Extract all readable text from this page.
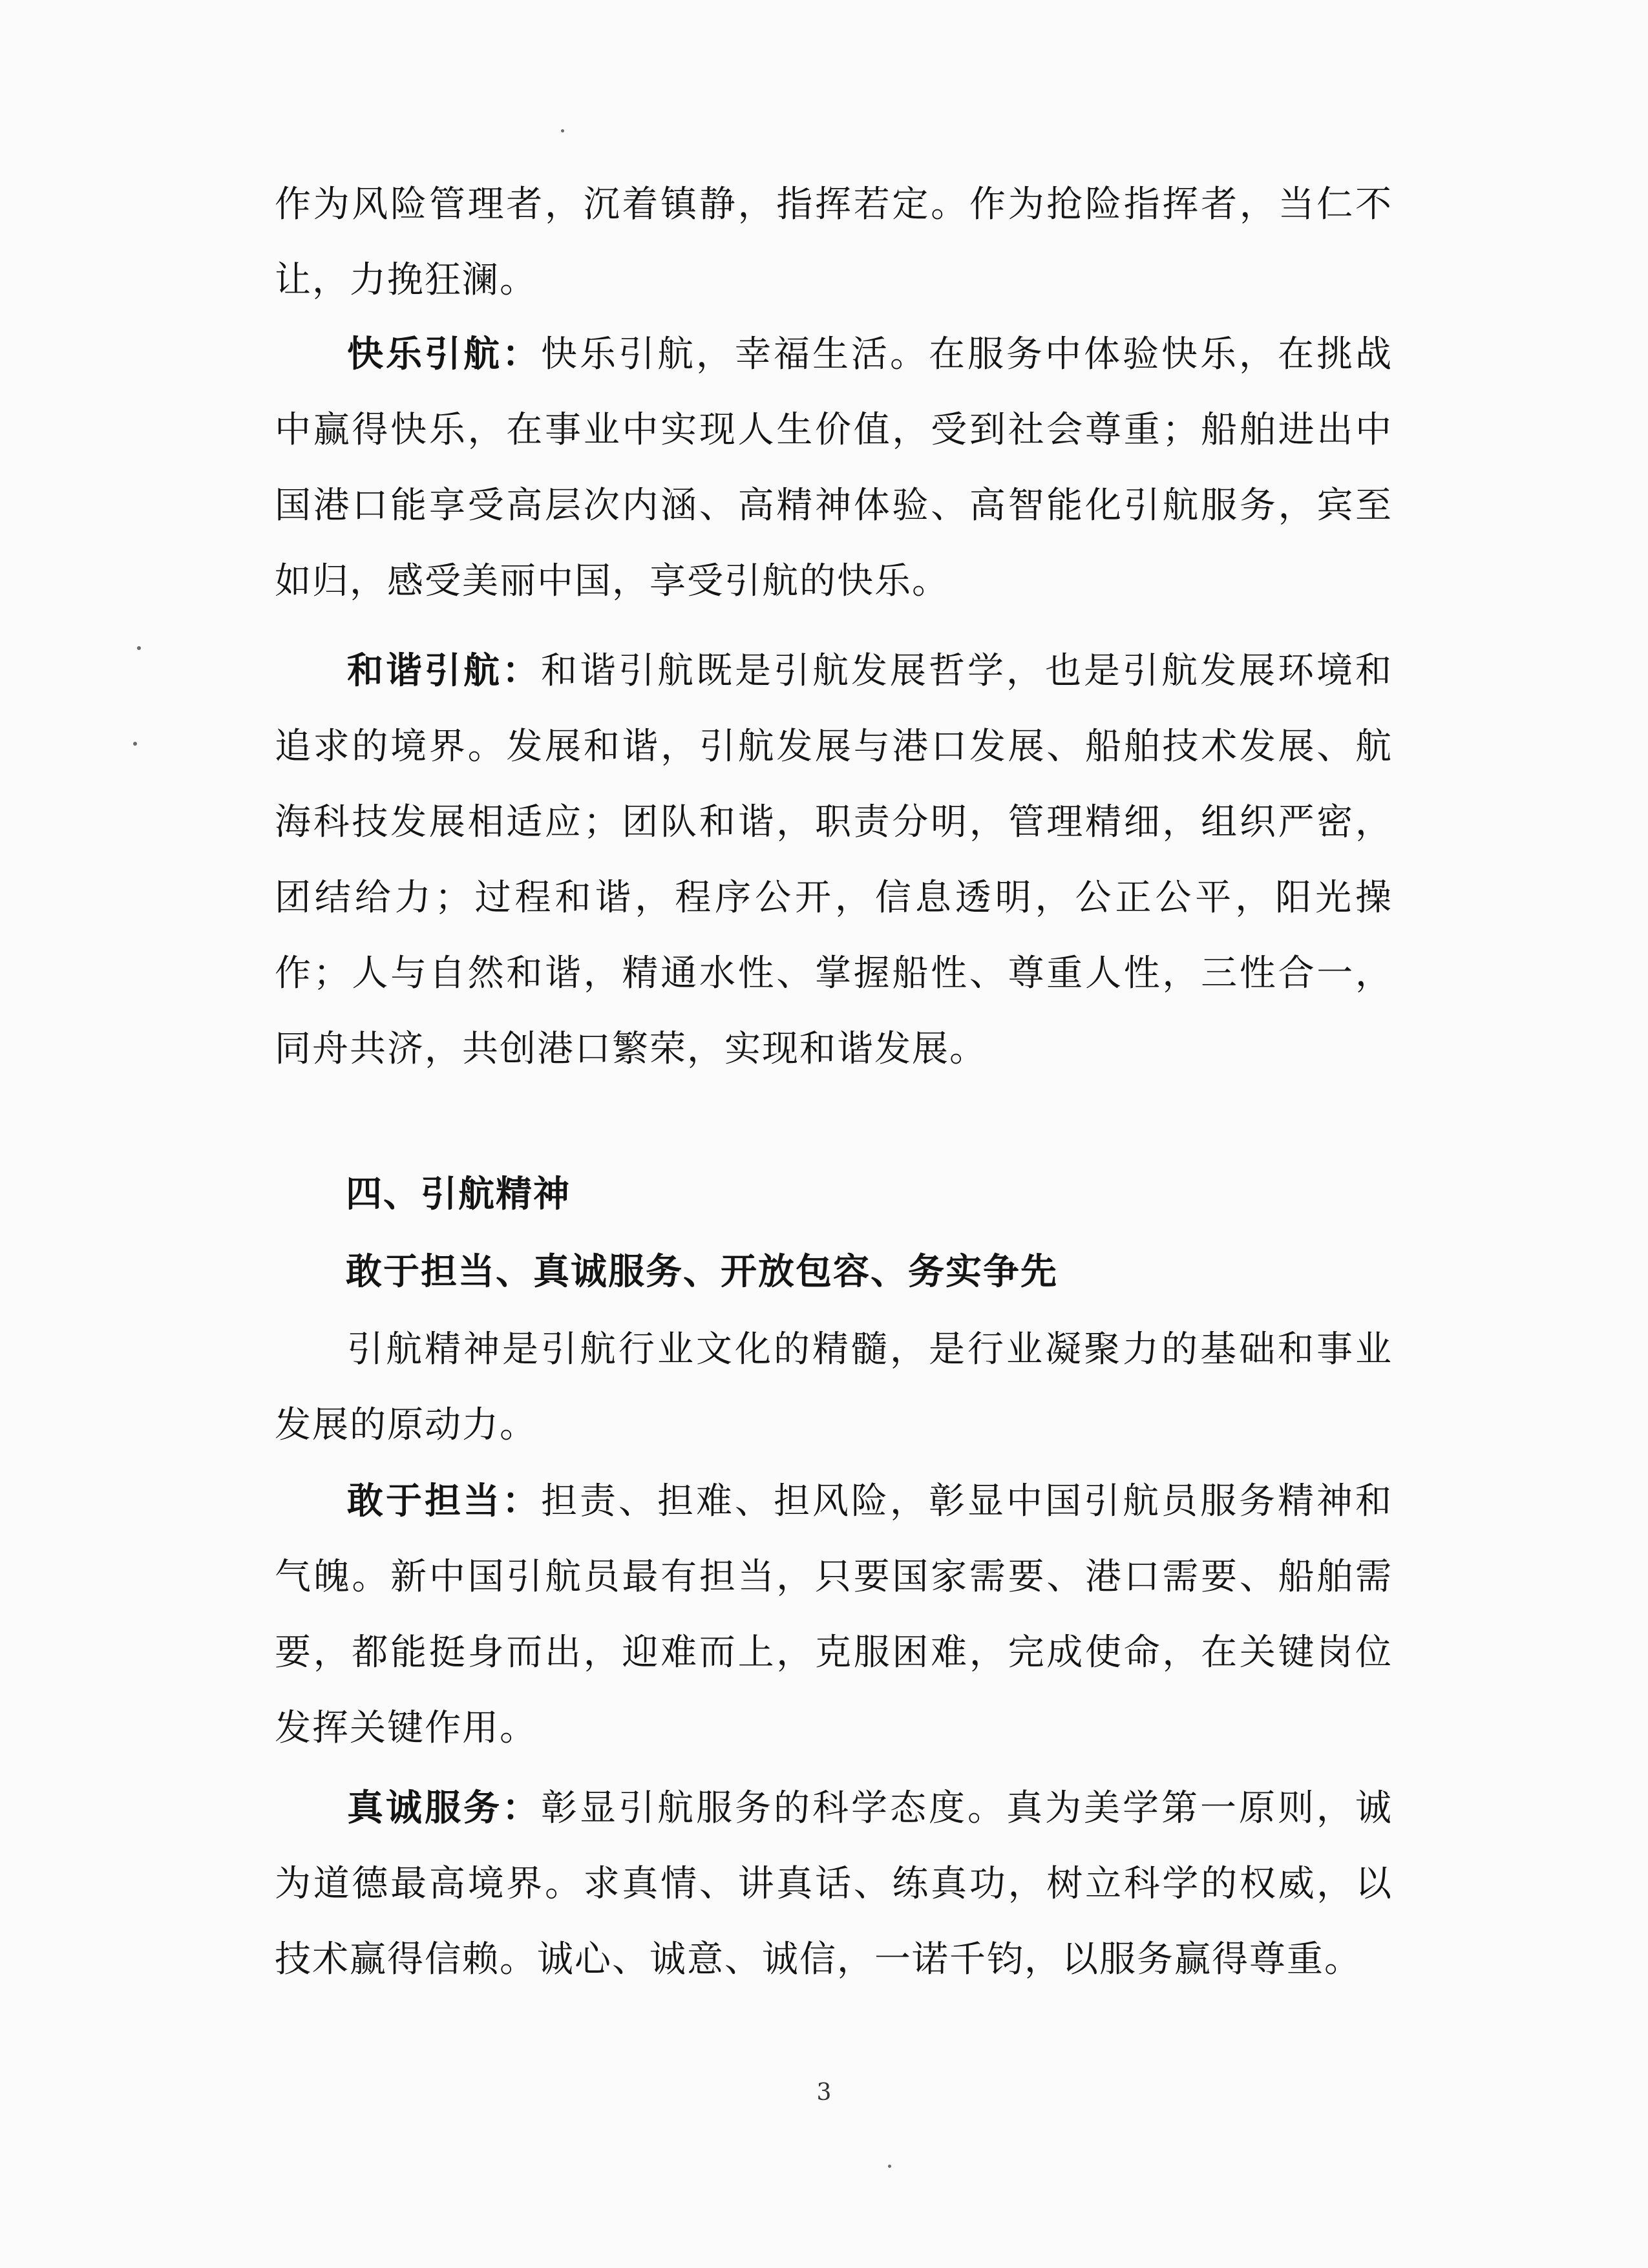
作为风险管理者，沉着镇静，指挥若定。作为抢险指挥者，当仁不让，力挽狂澜。
快乐引航：快乐引航，幸福生活。在服务中体验快乐，在挑战中赢得快乐，在事业中实现人生价值，受到社会尊重；船舶进出中国港口能享受高层次内涵、高精神体验、高智能化引航服务，宾至如归，感受美丽中国，享受引航的快乐。
和谐引航：和谐引航既是引航发展哲学，也是引航发展环境和追求的境界。发展和谐，引航发展与港口发展、船舶技术发展、航海科技发展相适应；团队和谐，职责分明，管理精细，组织严密，团结给力；过程和谐，程序公开，信息透明，公正公平，阳光操作；人与自然和谐，精通水性、掌握船性、尊重人性，三性合一，同舟共济，共创港口繁荣，实现和谐发展。
四、引航精神
敢于担当、真诚服务、开放包容、务实争先
引航精神是引航行业文化的精髓，是行业凝聚力的基础和事业发展的原动力。
敢于担当：担责、担难、担风险，彰显中国引航员服务精神和气魄。新中国引航员最有担当，只要国家需要、港口需要、船舶需要，都能挺身而出，迎难而上，克服困难，完成使命，在关键岗位发挥关键作用。
真诚服务：彰显引航服务的科学态度。真为美学第一原则，诚为道德最高境界。求真情、讲真话、练真功，树立科学的权威，以技术赢得信赖。诚心、诚意、诚信，一诺千钧，以服务赢得尊重。
3
